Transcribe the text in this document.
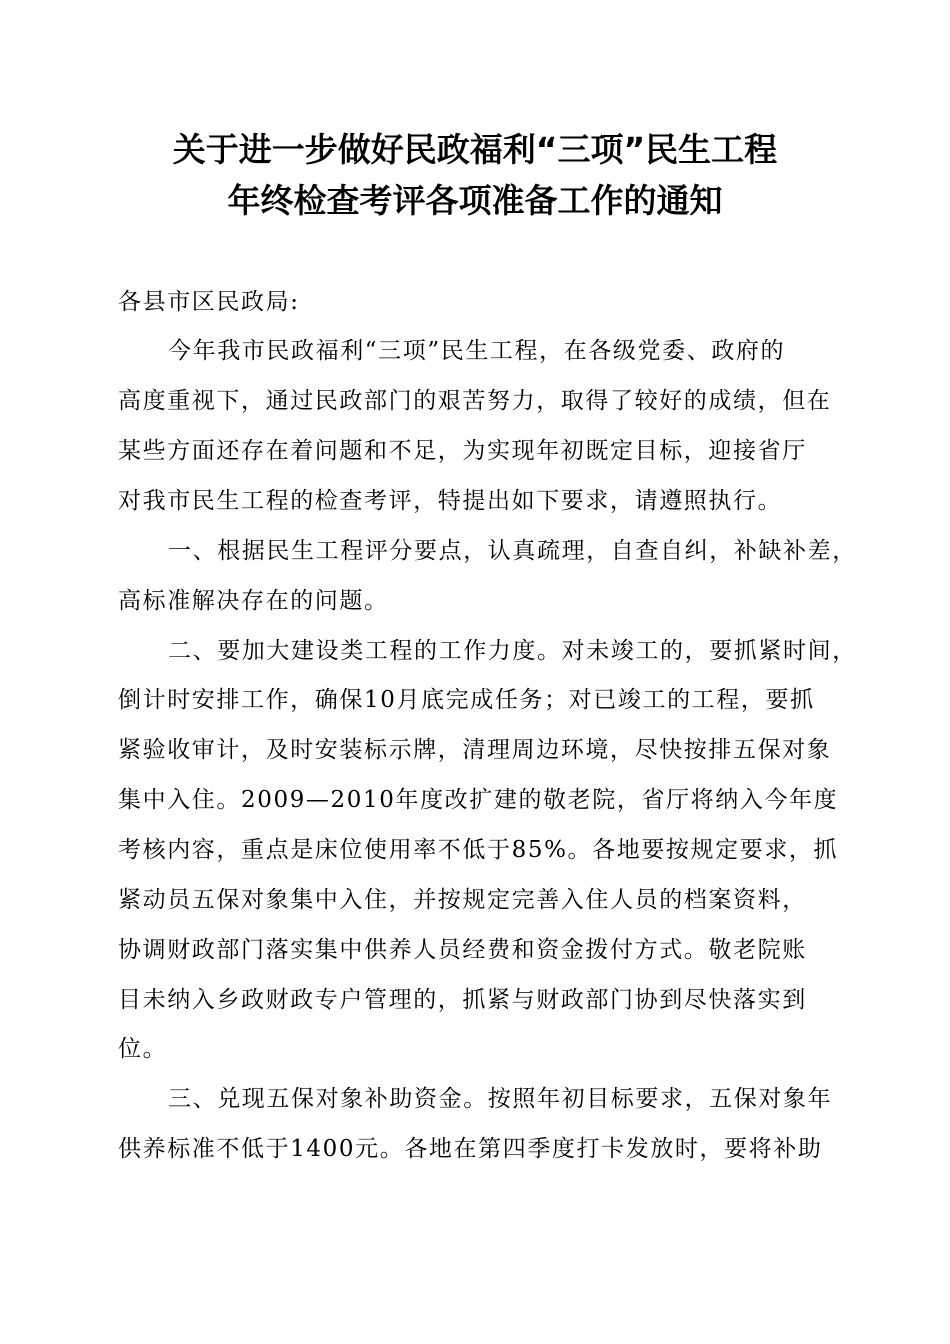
关于进一步做好民政福利“三项”民生工程
年终检查考评各项准备工作的通知
各县市区民政局:
今年我市民政福利“三项”民生工程，在各级党委、政府的
高度重视下，通过民政部门的艰苦努力，取得了较好的成绩，但在
某些方面还存在着问题和不足，为实现年初既定目标，迎接省厅
对我市民生工程的检查考评，特提出如下要求，请遵照执行。
一、根据民生工程评分要点，认真疏理，自查自纠，补缺补差，
高标准解决存在的问题。
二、要加大建设类工程的工作力度。对未竣工的，要抓紧时间，
倒计时安排工作，确保10月底完成任务；对已竣工的工程，要抓
紧验收审计，及时安装标示牌，清理周边环境，尽快按排五保对象
集中入住。2009—2010年度改扩建的敬老院，省厅将纳入今年度
考核内容，重点是床位使用率不低于85%。各地要按规定要求，抓
紧动员五保对象集中入住，并按规定完善入住人员的档案资料，
协调财政部门落实集中供养人员经费和资金拨付方式。敬老院账
目未纳入乡政财政专户管理的，抓紧与财政部门协到尽快落实到
位。
三、兑现五保对象补助资金。按照年初目标要求，五保对象年
供养标准不低于1400元。各地在第四季度打卡发放时，要将补助
